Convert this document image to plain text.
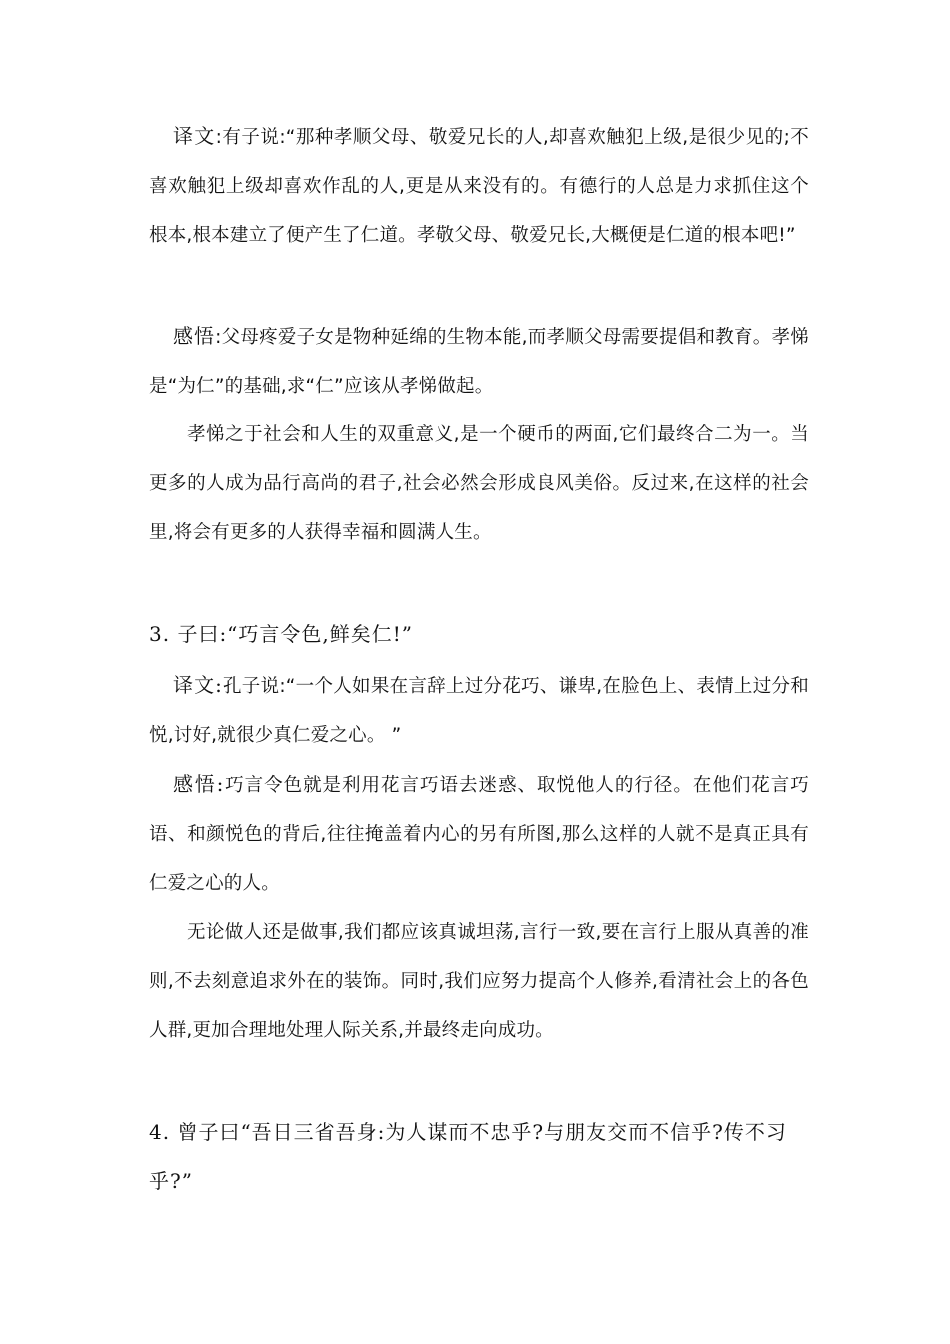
译文:有子说:“那种孝顺父母、敬爱兄长的人,却喜欢触犯上级,是很少见的;不喜欢触犯上级却喜欢作乱的人,更是从来没有的。有德行的人总是力求抓住这个根本,根本建立了便产生了仁道。孝敬父母、敬爱兄长,大概便是仁道的根本吧!”

感悟:父母疼爱子女是物种延绵的生物本能,而孝顺父母需要提倡和教育。孝悌是“为仁”的基础,求“仁”应该从孝悌做起。

孝悌之于社会和人生的双重意义,是一个硬币的两面,它们最终合二为一。当更多的人成为品行高尚的君子,社会必然会形成良风美俗。反过来,在这样的社会里,将会有更多的人获得幸福和圆满人生。

3. 子曰:“巧言令色,鲜矣仁!”

译文:孔子说:“一个人如果在言辞上过分花巧、谦卑,在脸色上、表情上过分和悦,讨好,就很少真仁爱之心。 ”

感悟:巧言令色就是利用花言巧语去迷惑、取悦他人的行径。在他们花言巧语、和颜悦色的背后,往往掩盖着内心的另有所图,那么这样的人就不是真正具有仁爱之心的人。

无论做人还是做事,我们都应该真诚坦荡,言行一致,要在言行上服从真善的准则,不去刻意追求外在的装饰。同时,我们应努力提高个人修养,看清社会上的各色人群,更加合理地处理人际关系,并最终走向成功。

4. 曾子曰“吾日三省吾身:为人谋而不忠乎?与朋友交而不信乎?传不习乎?”
